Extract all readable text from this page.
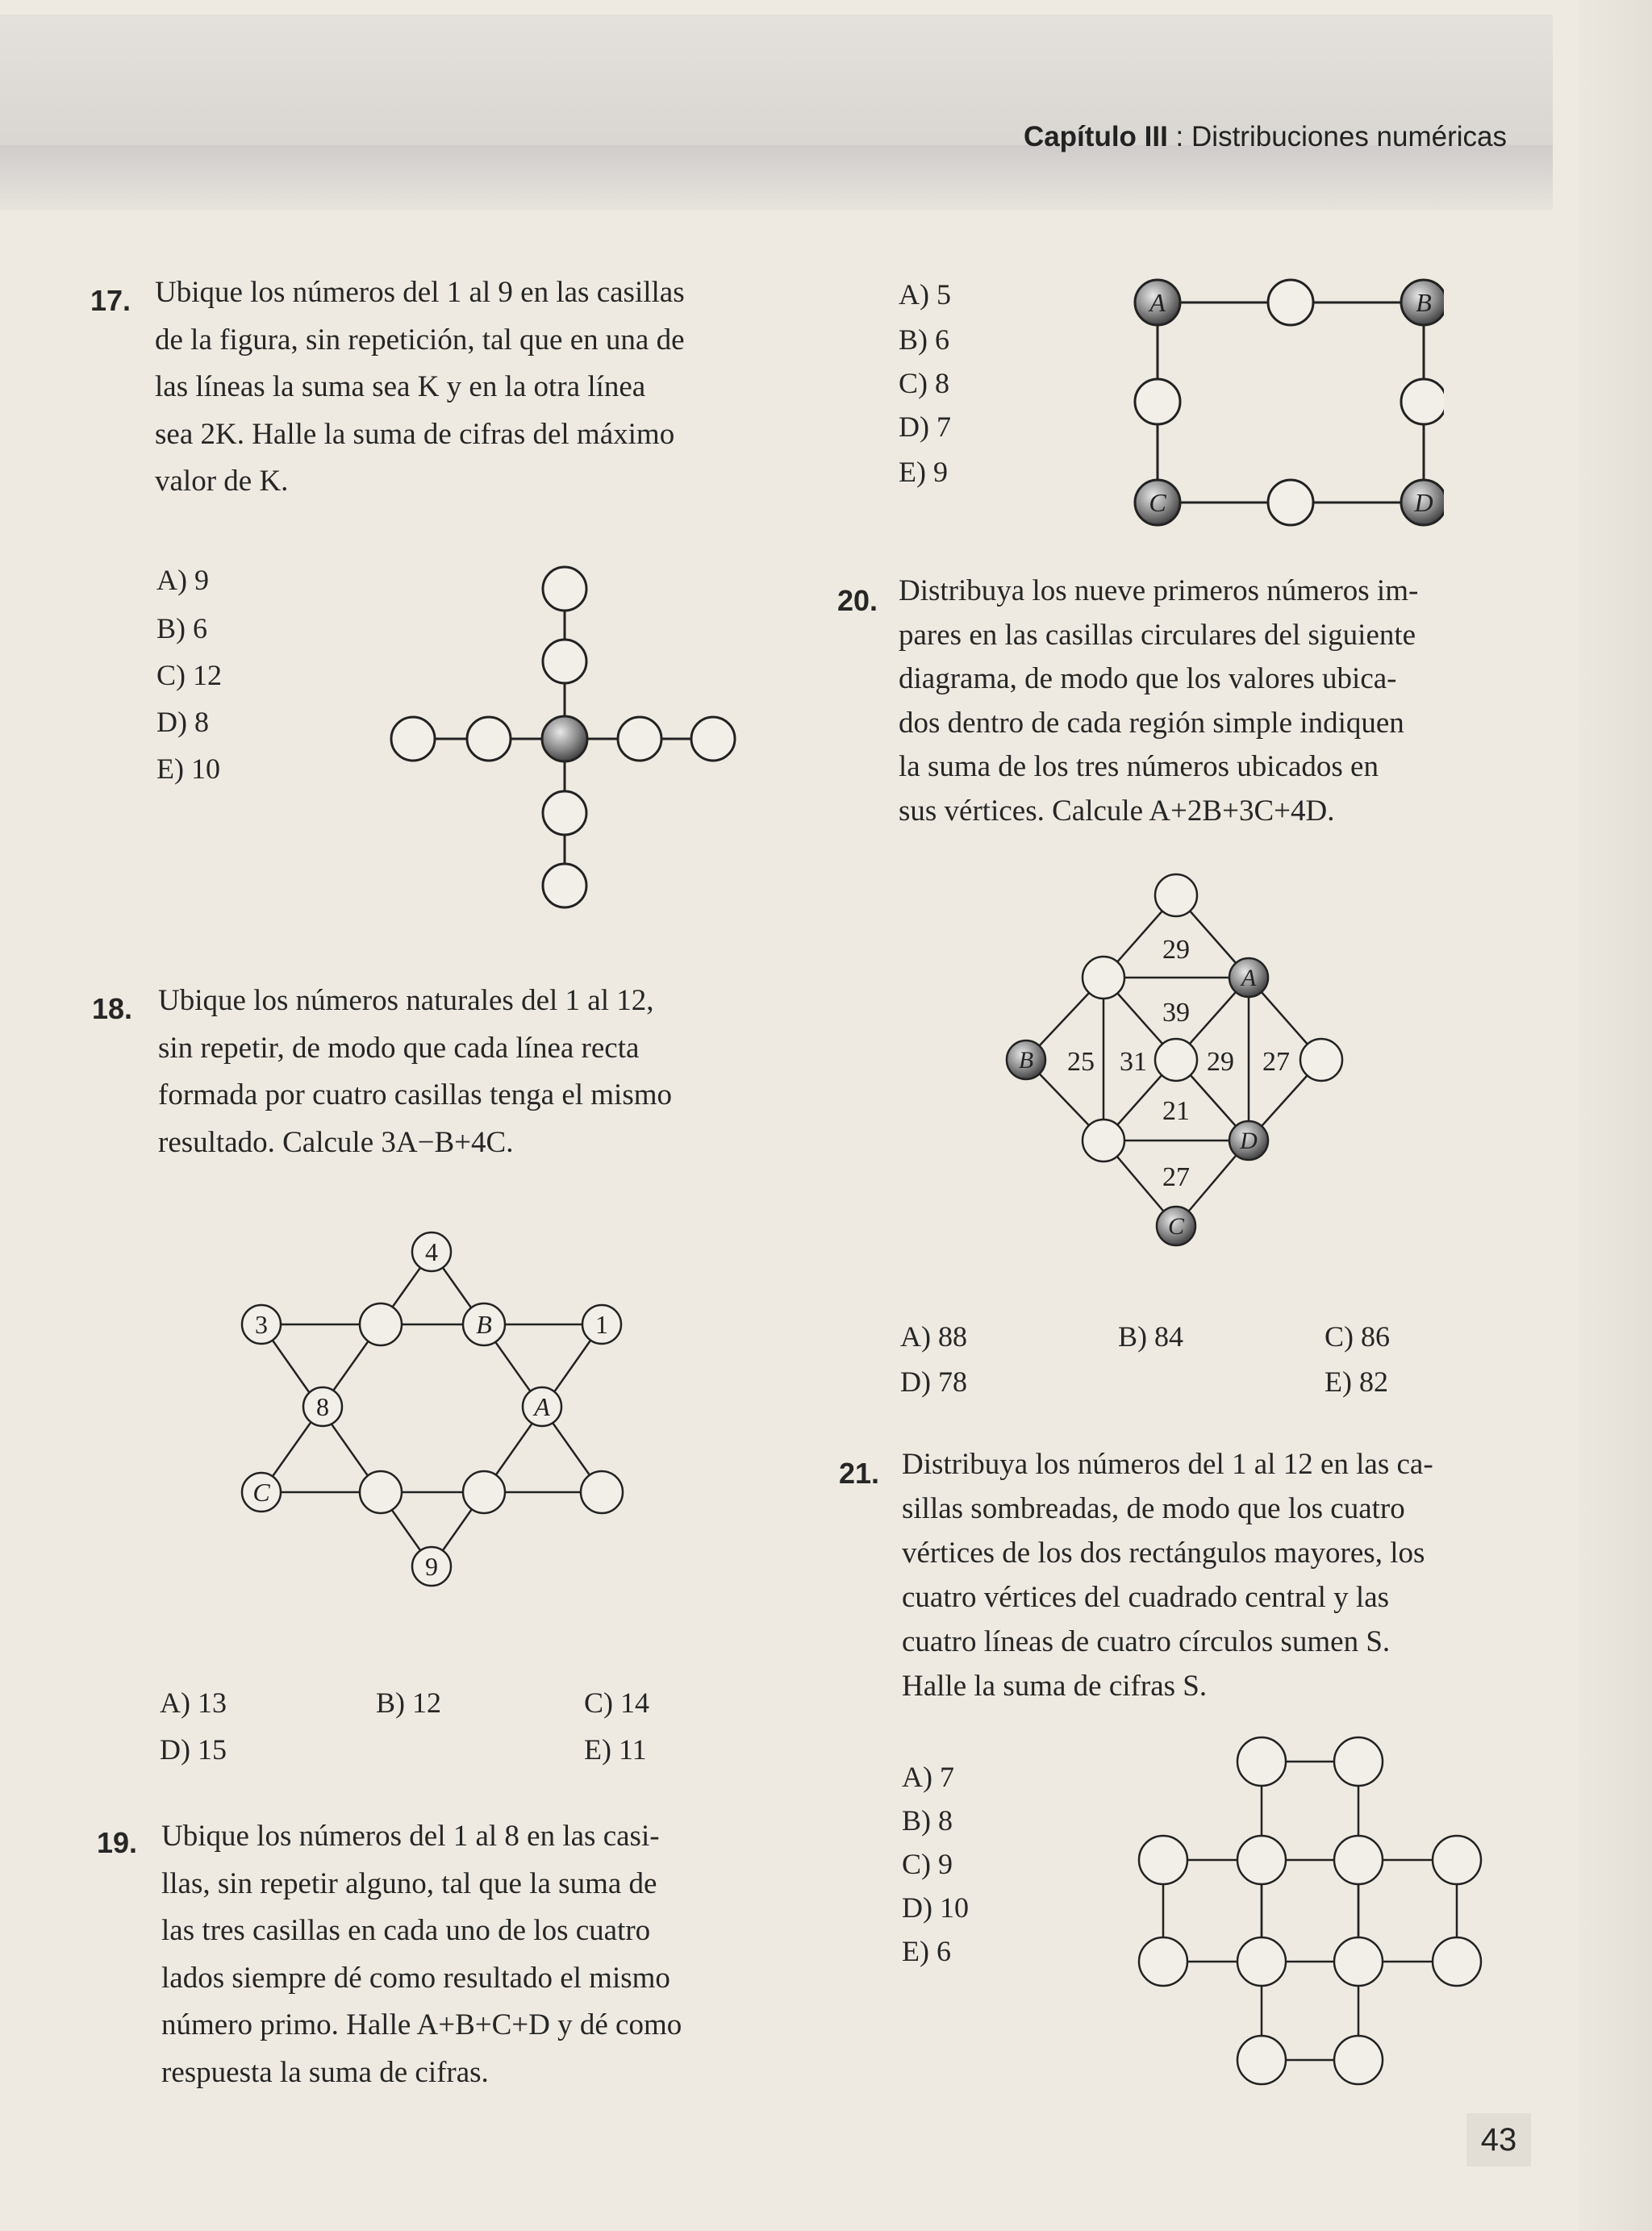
Capítulo III : Distribuciones numéricas
17. Ubique los números del 1 al 9 en las casillas
de la figura, sin repetición, tal que en una de
las líneas la suma sea K y en la otra línea
sea 2K. Halle la suma de cifras del máximo
valor de K.
A) 9
B) 6
C) 12
D) 8
E) 10
18. Ubique los números naturales del 1 al 12,
sin repetir, de modo que cada línea recta
formada por cuatro casillas tenga el mismo
resultado. Calcule 3A−B+4C.
A) 13	B) 12	C) 14
D) 15	E) 11
4
3	B	1
8	A
C
9
19. Ubique los números del 1 al 8 en las casi-
llas, sin repetir alguno, tal que la suma de
las tres casillas en cada uno de los cuatro
lados siempre dé como resultado el mismo
número primo. Halle A+B+C+D y dé como
respuesta la suma de cifras.
A) 5
B) 6
C) 8
D) 7
E) 9
A	B
C	D
20. Distribuya los nueve primeros números im-
pares en las casillas circulares del siguiente
diagrama, de modo que los valores ubica-
dos dentro de cada región simple indiquen
la suma de los tres números ubicados en
sus vértices. Calcule A+2B+3C+4D.
A) 88	B) 84	C) 86
D) 78	E) 82
A
B
D
C
29
39
25 31 29 27
21
27
21. Distribuya los números del 1 al 12 en las ca-
sillas sombreadas, de modo que los cuatro
vértices de los dos rectángulos mayores, los
cuatro vértices del cuadrado central y las
cuatro líneas de cuatro círculos sumen S.
Halle la suma de cifras S.
A) 7
B) 8
C) 9
D) 10
E) 6
43
